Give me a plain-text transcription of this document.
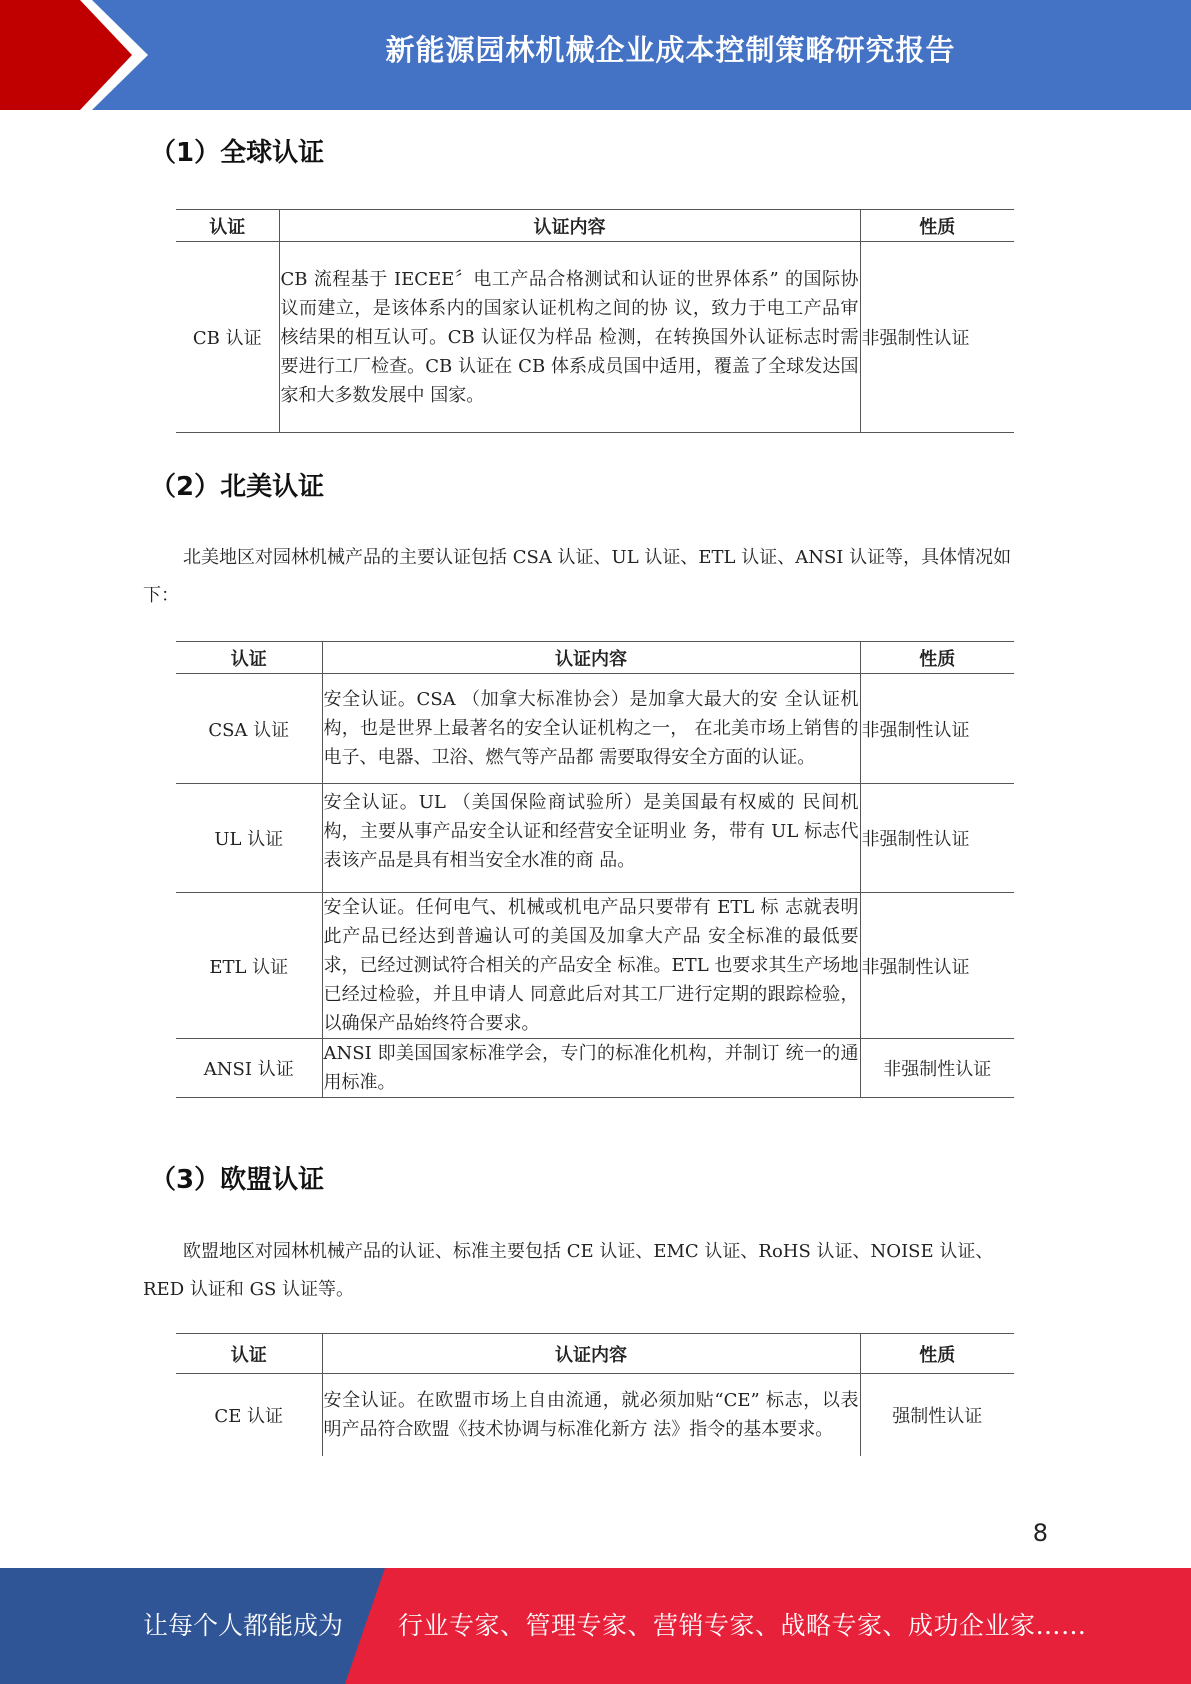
新能源园林机械企业成本控制策略研究报告
（1）全球认证
认证	认证内容	性质
CB 认证	CB 流程基于 IECEE〞电工产品合格测试和认证的世界体系” 的国际协议而建立，是该体系内的国家认证机构之间的协 议，致力于电工产品审核结果的相互认可。CB 认证仅为样品 检测，在转换国外认证标志时需要进行工厂检查。CB 认证在 CB 体系成员国中适用，覆盖了全球发达国家和大多数发展中 国家。	非强制性认证
（2）北美认证

北美地区对园林机械产品的主要认证包括 CSA 认证、UL 认证、ETL 认证、ANSI 认证等，具体情况如下：

认证	认证内容	性质
CSA 认证	安全认证。CSA （加拿大标准协会）是加拿大最大的安 全认证机构，也是世界上最著名的安全认证机构之一， 在北美市场上销售的电子、电器、卫浴、燃气等产品都 需要取得安全方面的认证。	非强制性认证
UL 认证	安全认证。UL （美国保险商试验所）是美国最有权威的 民间机构，主要从事产品安全认证和经营安全证明业 务，带有 UL 标志代表该产品是具有相当安全水准的商 品。	非强制性认证
ETL 认证	安全认证。任何电气、机械或机电产品只要带有 ETL 标 志就表明此产品已经达到普遍认可的美国及加拿大产品 安全标准的最低要求，已经过测试符合相关的产品安全 标准。ETL 也要求其生产场地已经过检验，并且申请人 同意此后对其工厂进行定期的跟踪检验，以确保产品始终符合要求。	非强制性认证
ANSI 认证	ANSI 即美国国家标准学会，专门的标准化机构，并制订 统一的通用标准。	非强制性认证
（3）欧盟认证

欧盟地区对园林机械产品的认证、标准主要包括 CE 认证、EMC 认证、RoHS 认证、NOISE 认证、RED 认证和 GS 认证等。

认证	认证内容	性质
CE 认证	安全认证。在欧盟市场上自由流通，就必须加贴“CE” 标志，以表明产品符合欧盟《技术协调与标准化新方 法》指令的基本要求。	强制性认证
8
让每个人都能成为 行业专家、管理专家、营销专家、战略专家、成功企业家……
